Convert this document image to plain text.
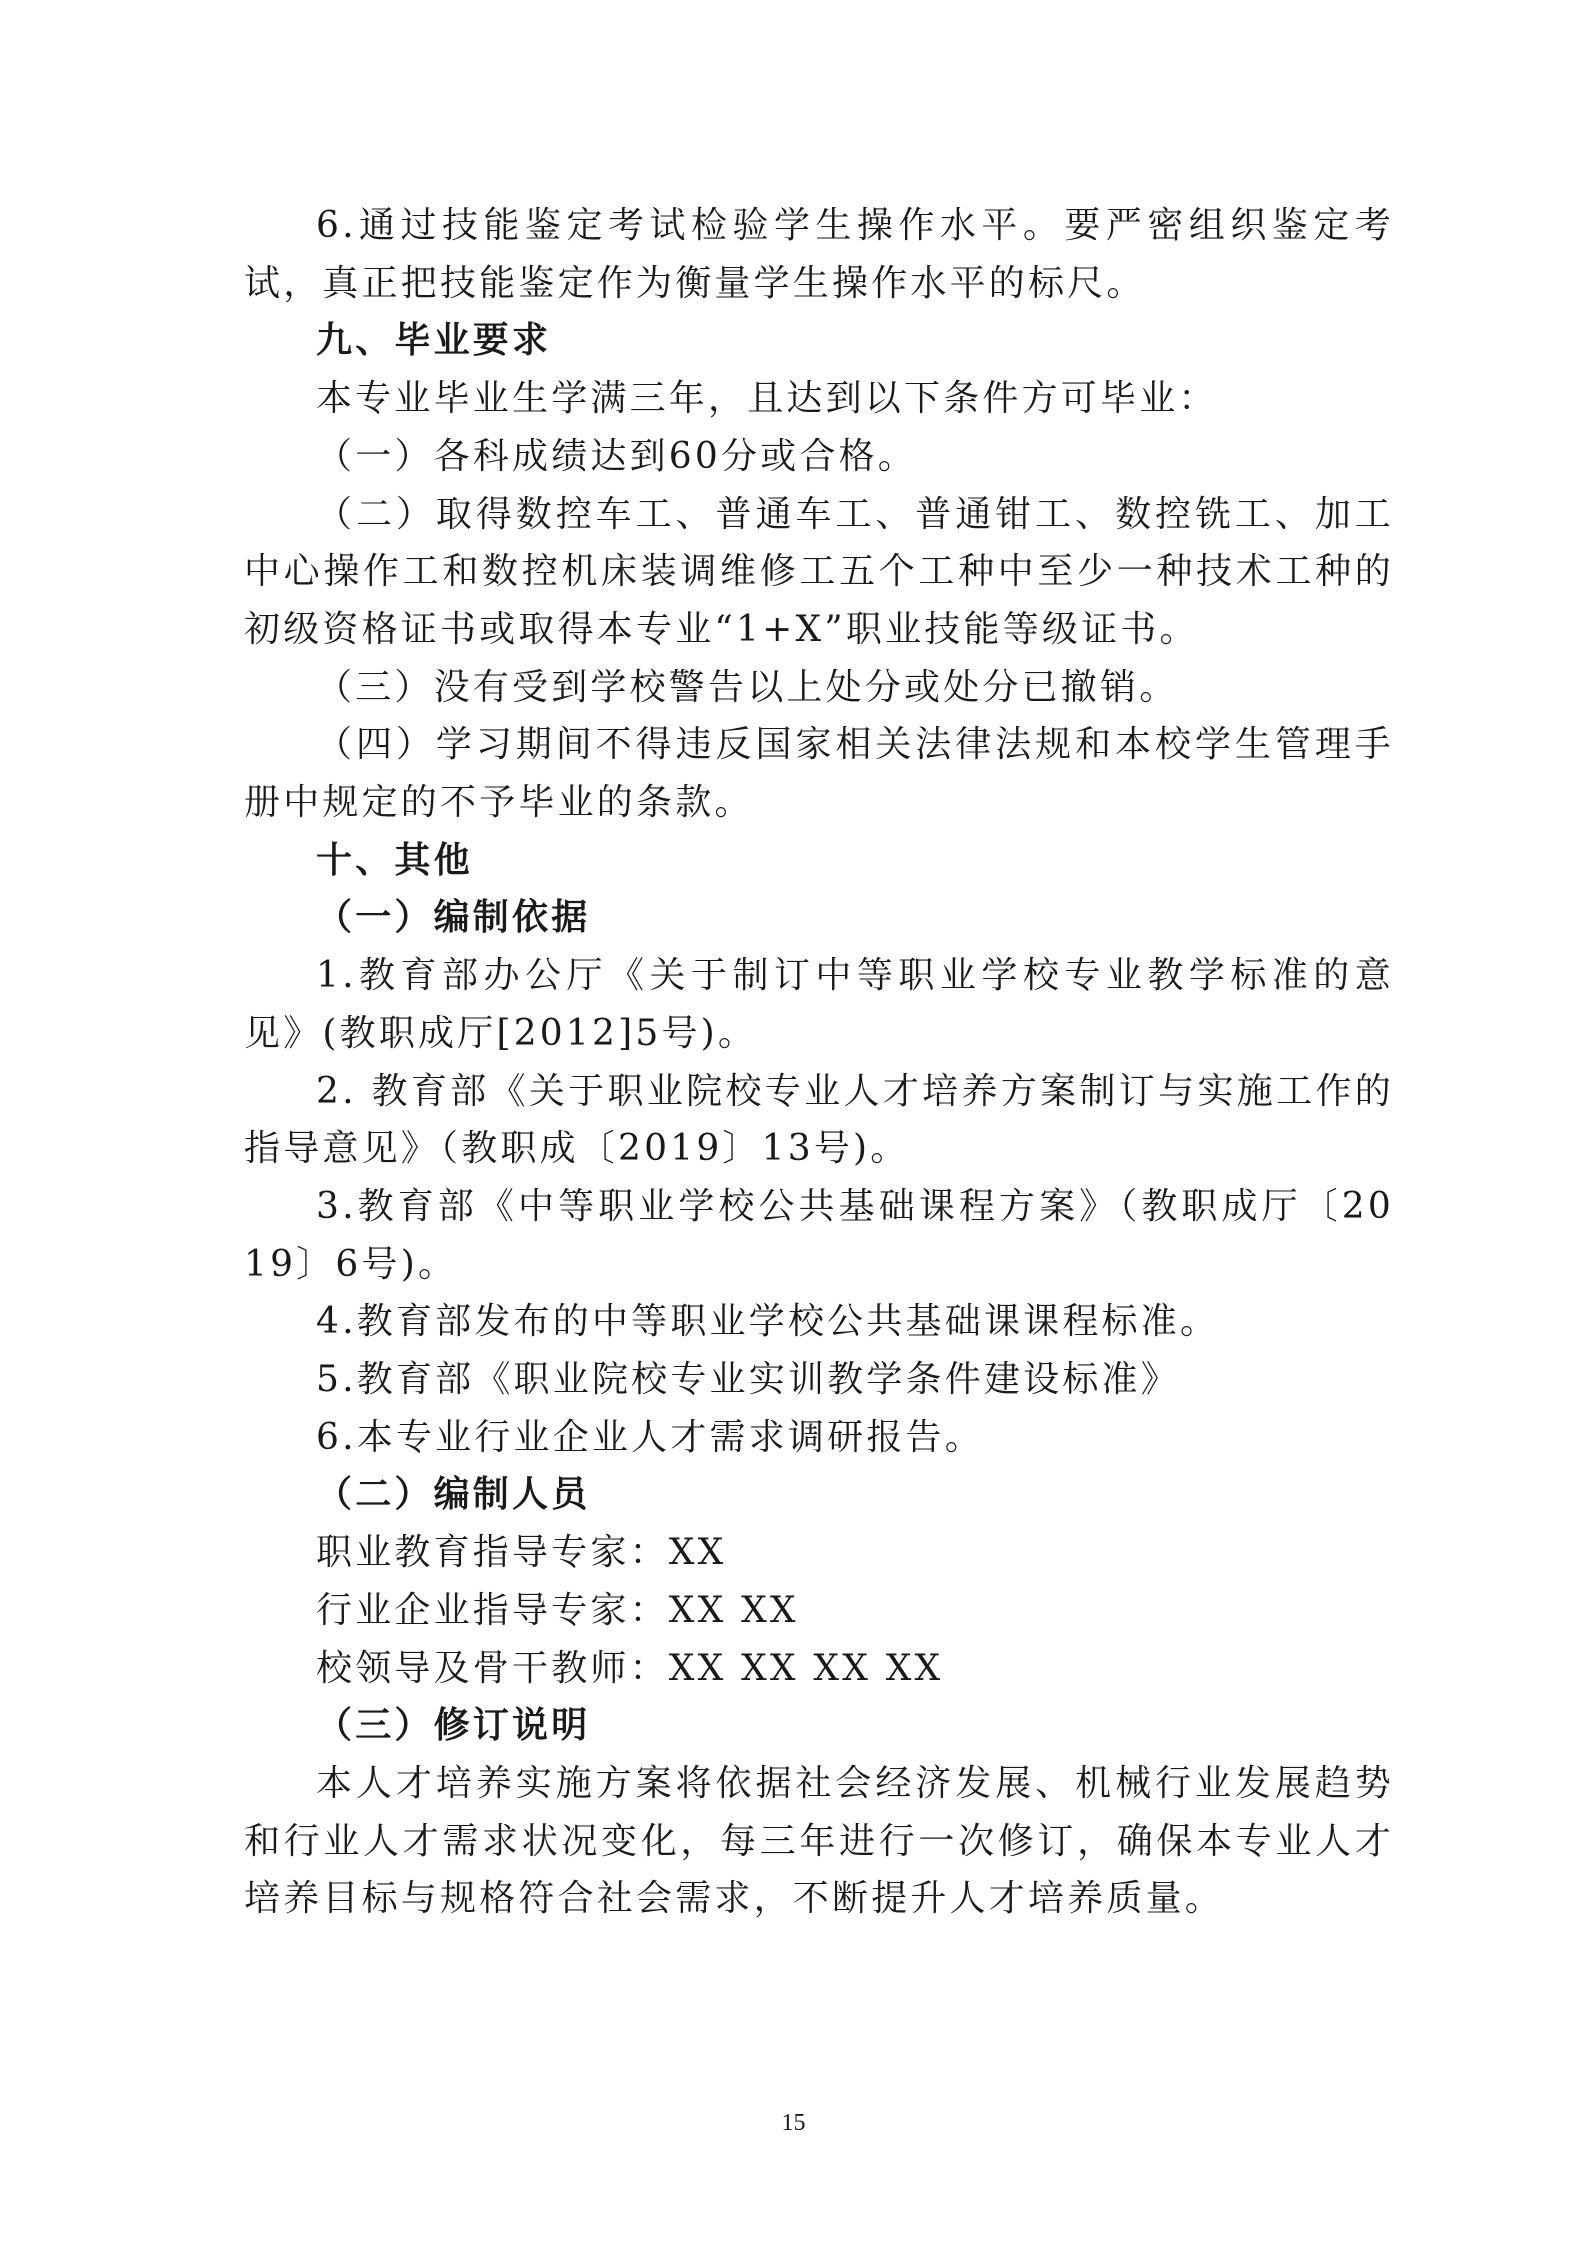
6.通过技能鉴定考试检验学生操作水平。要严密组织鉴定考试，真正把技能鉴定作为衡量学生操作水平的标尺。

九、毕业要求

本专业毕业生学满三年，且达到以下条件方可毕业：

（一）各科成绩达到60分或合格。

（二）取得数控车工、普通车工、普通钳工、数控铣工、加工中心操作工和数控机床装调维修工五个工种中至少一种技术工种的初级资格证书或取得本专业“1+X”职业技能等级证书。

（三）没有受到学校警告以上处分或处分已撤销。

（四）学习期间不得违反国家相关法律法规和本校学生管理手册中规定的不予毕业的条款。

十、其他

（一）编制依据

1.教育部办公厅《关于制订中等职业学校专业教学标准的意见》(教职成厅[2012]5号)。

2. 教育部《关于职业院校专业人才培养方案制订与实施工作的指导意见》（教职成〔2019〕13号)。

3.教育部《中等职业学校公共基础课程方案》（教职成厅〔2019〕6号)。

4.教育部发布的中等职业学校公共基础课课程标准。

5.教育部《职业院校专业实训教学条件建设标准》

6.本专业行业企业人才需求调研报告。

（二）编制人员

职业教育指导专家：XX

行业企业指导专家：XX XX

校领导及骨干教师：XX XX XX XX

（三）修订说明

本人才培养实施方案将依据社会经济发展、机械行业发展趋势和行业人才需求状况变化，每三年进行一次修订，确保本专业人才培养目标与规格符合社会需求，不断提升人才培养质量。

15
